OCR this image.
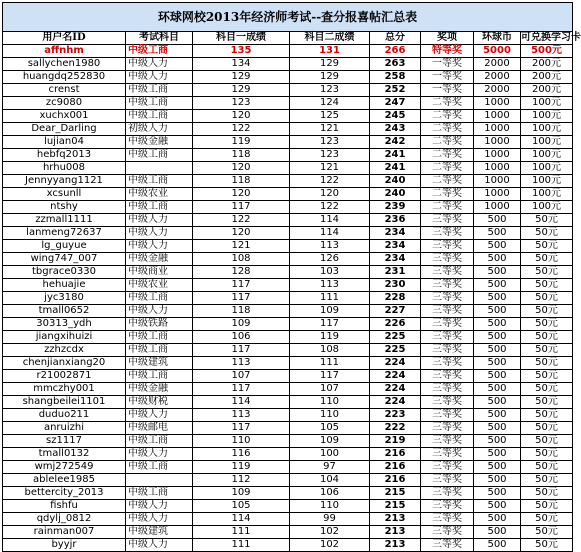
环球网校2013年经济师考试--查分报喜帖汇总表							
用户名ID	考试科目	科目一成绩	科目二成绩	总分	奖项	环球币	可兑换学习卡
affnhm	中级工商	135	131	266	特等奖	5000	500元
sallychen1980	中级人力	134	129	263	一等奖	2000	200元
huangdq252830	中级人力	129	129	258	一等奖	2000	200元
crenst	中级工商	129	123	252	一等奖	2000	200元
zc9080	中级工商	123	124	247	二等奖	1000	100元
xuchx001	中级工商	120	125	245	二等奖	1000	100元
Dear_Darling	初级人力	122	121	243	二等奖	1000	100元
lujian04	中级金融	119	123	242	二等奖	1000	100元
hebfq2013	中级工商	118	123	241	二等奖	1000	100元
hrhu008		120	121	241	二等奖	1000	100元
Jennyyang1121	中级工商	118	122	240	二等奖	1000	100元
xcsunll	中级农业	120	120	240	二等奖	1000	100元
ntshy	中级工商	117	122	239	二等奖	1000	100元
zzmall1111	中级人力	122	114	236	三等奖	500	50元
lanmeng72637	中级人力	120	114	234	三等奖	500	50元
lg_guyue	中级人力	121	113	234	三等奖	500	50元
wing747_007	中级金融	108	126	234	三等奖	500	50元
tbgrace0330	中级商业	128	103	231	三等奖	500	50元
hehuajie	中级农业	117	113	230	三等奖	500	50元
jyc3180	中级工商	117	111	228	三等奖	500	50元
tmall0652	中级人力	118	109	227	三等奖	500	50元
30313_ydh	中级铁路	109	117	226	三等奖	500	50元
jiangxihuizi	中级工商	106	119	225	三等奖	500	50元
zzhzcdx	中级工商	117	108	225	三等奖	500	50元
chenjianxiang20	中级建筑	113	111	224	三等奖	500	50元
r21002871	中级工商	107	117	224	三等奖	500	50元
mmczhy001	中级金融	117	107	224	三等奖	500	50元
shangbeilei1101	中级财税	114	110	224	三等奖	500	50元
duduo211	中级人力	113	110	223	三等奖	500	50元
anruizhi	中级邮电	117	105	222	三等奖	500	50元
sz1117	中级工商	110	109	219	三等奖	500	50元
tmall0132	中级人力	116	100	216	三等奖	500	50元
wmj272549	中级工商	119	97	216	三等奖	500	50元
ablelee1985		112	104	216	三等奖	500	50元
bettercity_2013	中级工商	109	106	215	三等奖	500	50元
fishfu	中级人力	105	110	215	三等奖	500	50元
qdylj_0812	中级人力	114	99	213	三等奖	500	50元
rainman007	中级建筑	111	102	213	三等奖	500	50元
byyjr	中级人力	111	102	213	三等奖	500	50元
